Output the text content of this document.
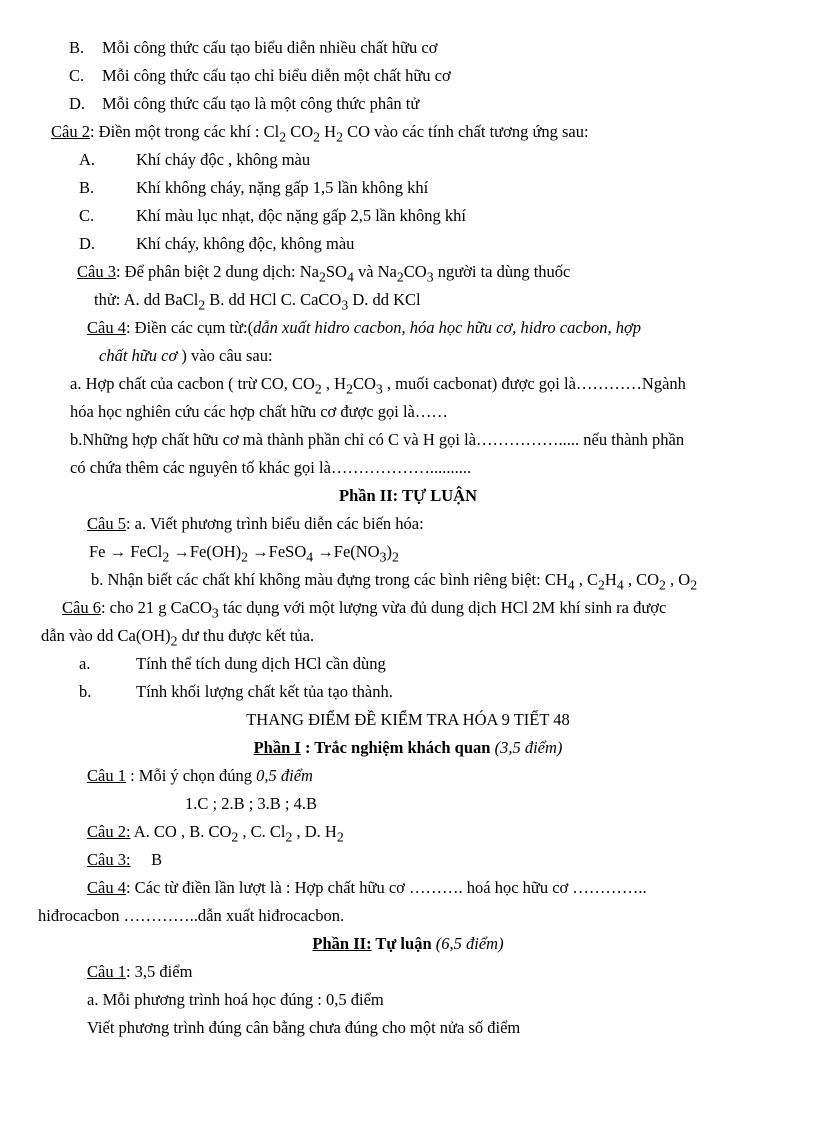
B. Mỗi công thức cấu tạo biểu diễn nhiều chất hữu cơ
C. Mỗi công thức cấu tạo chỉ biểu diễn một chất hữu cơ
D. Mỗi công thức cấu tạo là một công thức phân tử
Câu 2: Điền một trong các khí : $Cl_2$ $CO_2$ $H_2$ CO vào các tính chất tương ứng sau:
A. Khí cháy độc , không màu
B.	Khí không cháy, nặng gấp 1,5 lần không khí
C.	Khí màu lục nhạt, độc nặng gấp 2,5 lần không khí
D. Khí cháy, không độc, không màu
Câu 3: Để phân biệt 2 dung dịch: $Na_2SO_4$ và $Na_2CO_3$ người ta dùng thuốc
thử: A. dd BaCl$_2$ B. dd HCl C. CaCO$_3$ D. dd KCl
Câu 4: Điền các cụm từ:(dẫn xuất hidro cacbon, hóa học hữu cơ, hidro cacbon, hợp
chất hữu cơ ) vào câu sau:
a. Hợp chất của cacbon ( trừ CO, $CO_2$ , $H_2CO_3$ , muối cacbonat) được gọi là…………Ngành
hóa học nghiên cứu các hợp chất hữu cơ được gọi là……
b.Những hợp chất hữu cơ mà thành phần chỉ có C và H gọi là……………..... nếu thành phần
có chứa thêm các nguyên tố khác gọi là………………..........
Phần II: TỰ LUẬN
Câu 5: a. Viết phương trình biểu diễn các biến hóa:
Fe → FeCl$_2$ $\to Fe(OH)_2$ →FeSO$_4$ $\to Fe(NO_3)_2$
b. Nhận biết các chất khí không màu đựng trong các bình riêng biệt: $CH_4$ , $C_2H_4$ , $CO_2$ , $O_2$
Câu 6: cho 21 g CaCO$_3$ tác dụng với một lượng vừa đủ dung dịch HCl 2M khí sinh ra được
dẫn vào dd $Ca(OH)_2$ dư thu được kết tủa.
a.	Tính thể tích dung dịch HCl cần dùng
b.	Tính khối lượng chất kết tủa tạo thành.
THANG ĐIỂM ĐỀ KIỂM TRA HÓA 9 TIẾT 48
Phần I : Trắc nghiệm khách quan (3,5 điểm)
Câu 1 : Mỗi ý chọn đúng 0,5 điểm
1.C ; 2.B ; 3.B ; 4.B
Câu 2: A. CO , B. $CO_2$ , C. $Cl_2$ , D. $H_2$
Câu 3:     B
Câu 4: Các từ điền lần lượt là : Hợp chất hữu cơ ………. hoá học hữu cơ …………..
hiđrocacbon …………..dẫn xuất hiđrocacbon.
Phần II: Tự luận (6,5 điểm)
Câu 1: 3,5 điểm
a. Mỗi phương trình hoá học đúng : 0,5 điểm
Viết phương trình đúng cân bằng chưa đúng cho một nửa số điểm
